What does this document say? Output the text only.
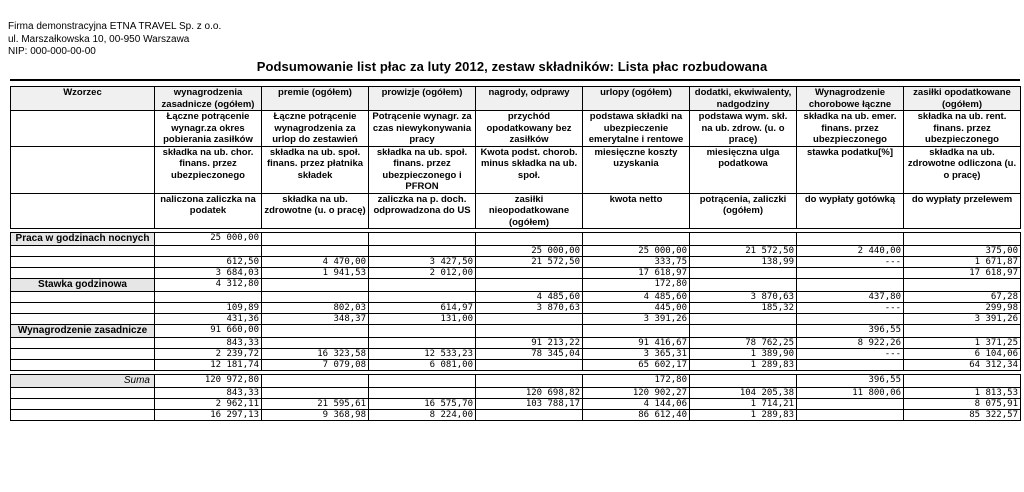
Firma demonstracyjna ETNA TRAVEL Sp. z o.o.
ul. Marszałkowska 10, 00-950 Warszawa
NIP: 000-000-00-00
Podsumowanie list płac za luty 2012, zestaw składników: Lista płac rozbudowana
Wzorzec	wynagrodzenia zasadnicze (ogółem)	premie (ogółem)	prowizje (ogółem)	nagrody, odprawy	urlopy (ogółem)	dodatki, ekwiwalenty, nadgodziny	Wynagrodzenie chorobowe łączne	zasiłki opodatkowane (ogółem)
	Łączne potrącenie wynagr.za okres pobierania zasiłków	Łączne potrącenie wynagrodzenia za urlop do zestawień	Potrącenie wynagr. za czas niewykonywania pracy	przychód opodatkowany bez zasiłków	podstawa składki na ubezpieczenie emerytalne i rentowe	podstawa wym. skł. na ub. zdrow. (u. o pracę)	składka na ub. emer. finans. przez ubezpieczonego	składka na ub. rent. finans. przez ubezpieczonego
	składka na ub. chor. finans. przez ubezpieczonego	składka na ub. społ. finans. przez płatnika składek	składka na ub. społ. finans. przez ubezpieczonego i PFRON	Kwota podst. chorob. minus składka na ub. społ.	miesięczne koszty uzyskania	miesięczna ulga podatkowa	stawka podatku[%]	składka na ub. zdrowotne odliczona (u. o pracę)
	naliczona zaliczka na podatek	składka na ub. zdrowotne (u. o pracę)	zaliczka na p. doch. odprowadzona do US	zasiłki nieopodatkowane (ogółem)	kwota netto	potrącenia, zaliczki (ogółem)	do wypłaty gotówką	do wypłaty przelewem

Praca w godzinach nocnych	25 000,00							
				25 000,00	25 000,00	21 572,50	2 440,00	375,00
	612,50	4 470,00	3 427,50	21 572,50	333,75	138,99	---	1 671,87
	3 684,03	1 941,53	2 012,00		17 618,97			17 618,97
Stawka godzinowa	4 312,80				172,80			
				4 485,60	4 485,60	3 870,63	437,80	67,28
	109,89	802,03	614,97	3 870,63	445,00	185,32	---	299,98
	431,36	348,37	131,00		3 391,26			3 391,26
Wynagrodzenie zasadnicze	91 660,00						396,55	
	843,33			91 213,22	91 416,67	78 762,25	8 922,26	1 371,25
	2 239,72	16 323,58	12 533,23	78 345,04	3 365,31	1 389,90	---	6 104,06
	12 181,74	7 079,08	6 081,00		65 602,17	1 289,83		64 312,34

Suma	120 972,80				172,80		396,55	
	843,33			120 698,82	120 902,27	104 205,38	11 800,06	1 813,53
	2 962,11	21 595,61	16 575,70	103 788,17	4 144,06	1 714,21		8 075,91
	16 297,13	9 368,98	8 224,00		86 612,40	1 289,83		85 322,57
